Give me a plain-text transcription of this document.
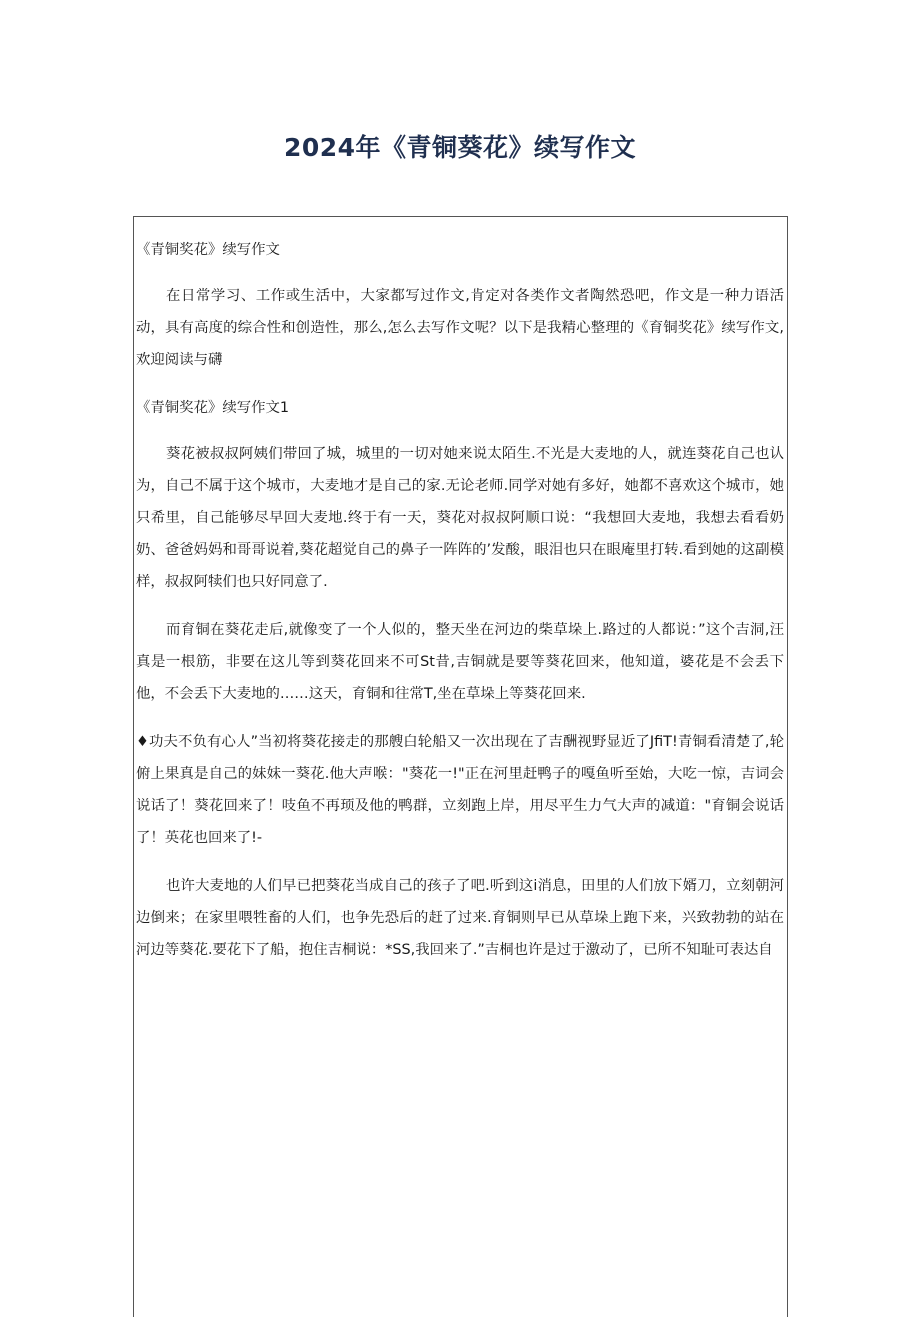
2024年《青铜葵花》续写作文

《青铜奖花》续写作文

在日常学习、工作或生活中，大家都写过作文,肯定对各类作文者陶然恐吧，作文是一种力语活动，具有高度的综合性和创造性，那么,怎么去写作文呢？以下是我精心整理的《育铜奖花》续写作文,欢迎阅读与礴

《青铜奖花》续写作文1

葵花被叔叔阿姨们带回了城，城里的一切对她来说太陌生.不光是大麦地的人，就连葵花自己也认为，自己不属于这个城市，大麦地才是自己的家.无论老师.同学对她有多好，她都不喜欢这个城市，她只希里，自己能够尽早回大麦地.终于有一天，葵花对叔叔阿顺口说：“我想回大麦地，我想去看看奶奶、爸爸妈妈和哥哥说着,葵花超觉自己的鼻子一阵阵的’发酸，眼泪也只在眼庵里打转.看到她的这副模样，叔叔阿犊们也只好同意了.

而育铜在葵花走后,就像变了一个人似的，整天坐在河边的柴草垛上.路过的人都说：”这个吉洞,汪真是一根筋，非要在这儿等到葵花回来不可St昔,吉铜就是要等葵花回来，他知道，婆花是不会丢下他，不会丢下大麦地的……这天，育铜和往常T,坐在草垛上等葵花回来.

♦功夫不负有心人”当初将葵花接走的那艘白轮船又一次出现在了吉酬视野显近了JfiT!青铜看清楚了,轮俯上果真是自己的妹妹一葵花.他大声喉："葵花一!"正在河里赶鸭子的嘎鱼听至始，大吃一惊，吉词会说话了！葵花回来了！吱鱼不再顼及他的鸭群，立刻跑上岸，用尽平生力气大声的减道："育铜会说话了！英花也回来了!-

也许大麦地的人们早已把葵花当成自己的孩子了吧.听到这i消息，田里的人们放下婿刀，立刻朝河边倒来；在家里喂牲畜的人们，也争先恐后的赶了过来.育铜则早已从草垛上跑下来，兴致勃勃的站在河边等葵花.要花下了船，抱住吉桐说：*SS,我回来了.”吉桐也许是过于激动了，已所不知耻可表达自
